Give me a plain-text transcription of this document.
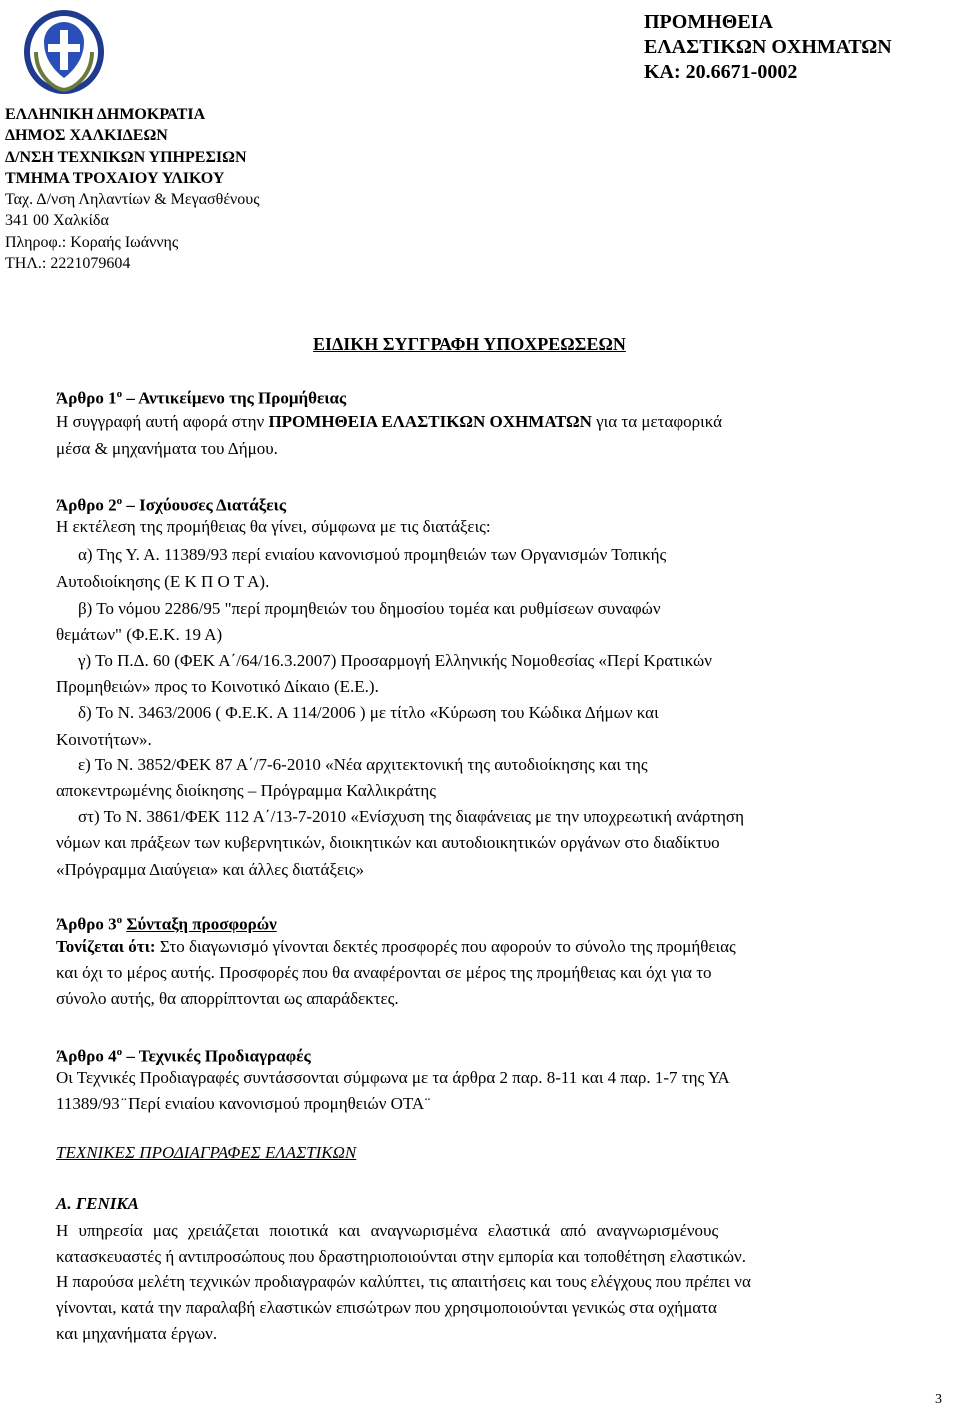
ΕΛΛΗΝΙΚΗ ΔΗΜΟΚΡΑΤΙΑ
ΔΗΜΟΣ ΧΑΛΚΙΔΕΩΝ
Δ/ΝΣΗ ΤΕΧΝΙΚΩΝ ΥΠΗΡΕΣΙΩΝ
ΤΜΗΜΑ ΤΡΟΧΑΙΟΥ ΥΛΙΚΟΥ
Ταχ. Δ/νση Ληλαντίων & Μεγασθένους
341 00 Χαλκίδα
Πληροφ.: Κοραής Ιωάννης
ΤΗΛ.: 2221079604
ΠΡΟΜΗΘΕΙΑ
ΕΛΑΣΤΙΚΩΝ ΟΧΗΜΑΤΩΝ
ΚΑ: 20.6671-0002
ΕΙΔΙΚΗ ΣΥΓΓΡΑΦΗ ΥΠΟΧΡΕΩΣΕΩΝ
Άρθρο $1^o$ – Αντικείμενο της Προμήθειας
Η συγγραφή αυτή αφορά στην ΠΡΟΜΗΘΕΙΑ ΕΛΑΣΤΙΚΩΝ ΟΧΗΜΑΤΩΝ για τα μεταφορικά
μέσα & μηχανήματα του Δήμου.
Άρθρο $2^o$ – Ισχύουσες Διατάξεις
Η εκτέλεση της προμήθειας θα γίνει, σύμφωνα με τις διατάξεις:
α) Της Υ. Α. 11389/93 περί ενιαίου κανονισμού προμηθειών των Οργανισμών Τοπικής
Αυτοδιοίκησης (Ε Κ Π Ο Τ Α).
β) Το νόμου 2286/95 "περί προμηθειών του δημοσίου τομέα και ρυθμίσεων συναφών
θεμάτων" (Φ.Ε.Κ. 19 Α)
γ) Το Π.Δ. 60 (ΦΕΚ Α΄/64/16.3.2007) Προσαρμογή Ελληνικής Νομοθεσίας «Περί Κρατικών
Προμηθειών» προς το Κοινοτικό Δίκαιο (Ε.Ε.).
δ) Το Ν. 3463/2006 ( Φ.Ε.Κ. Α 114/2006 ) με τίτλο «Κύρωση του Κώδικα Δήμων και
Κοινοτήτων».
ε) Το Ν. 3852/ΦΕΚ 87 Α΄/7-6-2010 «Νέα αρχιτεκτονική της αυτοδιοίκησης και της
αποκεντρωμένης διοίκησης – Πρόγραμμα Καλλικράτης
στ) Το Ν. 3861/ΦΕΚ 112 Α΄/13-7-2010 «Ενίσχυση της διαφάνειας με την υποχρεωτική ανάρτηση
νόμων και πράξεων των κυβερνητικών, διοικητικών και αυτοδιοικητικών οργάνων στο διαδίκτυο
«Πρόγραμμα Διαύγεια» και άλλες διατάξεις»
Άρθρο $3^o$ Σύνταξη προσφορών
Τονίζεται ότι: Στο διαγωνισμό γίνονται δεκτές προσφορές που αφορούν το σύνολο της προμήθειας
και όχι το μέρος αυτής. Προσφορές που θα αναφέρονται σε μέρος της προμήθειας και όχι για το
σύνολο αυτής, θα απορρίπτονται ως απαράδεκτες.
Άρθρο $4^o$ – Τεχνικές Προδιαγραφές
Οι Τεχνικές Προδιαγραφές συντάσσονται σύμφωνα με τα άρθρα 2 παρ. 8-11 και 4 παρ. 1-7 της ΥΑ
11389/93 ̈ Περί ενιαίου κανονισμού προμηθειών ΟΤΑ ̈
ΤΕΧΝΙΚΕΣ ΠΡΟΔΙΑΓΡΑΦΕΣ ΕΛΑΣΤΙΚΩΝ
Α. ΓΕΝΙΚΑ
Η υπηρεσία μας χρειάζεται ποιοτικά και αναγνωρισμένα ελαστικά από αναγνωρισμένους
κατασκευαστές ή αντιπροσώπους που δραστηριοποιούνται στην εμπορία και τοποθέτηση ελαστικών.
Η παρούσα μελέτη τεχνικών προδιαγραφών καλύπτει, τις απαιτήσεις και τους ελέγχους που πρέπει να
γίνονται, κατά την παραλαβή ελαστικών επισώτρων που χρησιμοποιούνται γενικώς στα οχήματα
και μηχανήματα έργων.
3
